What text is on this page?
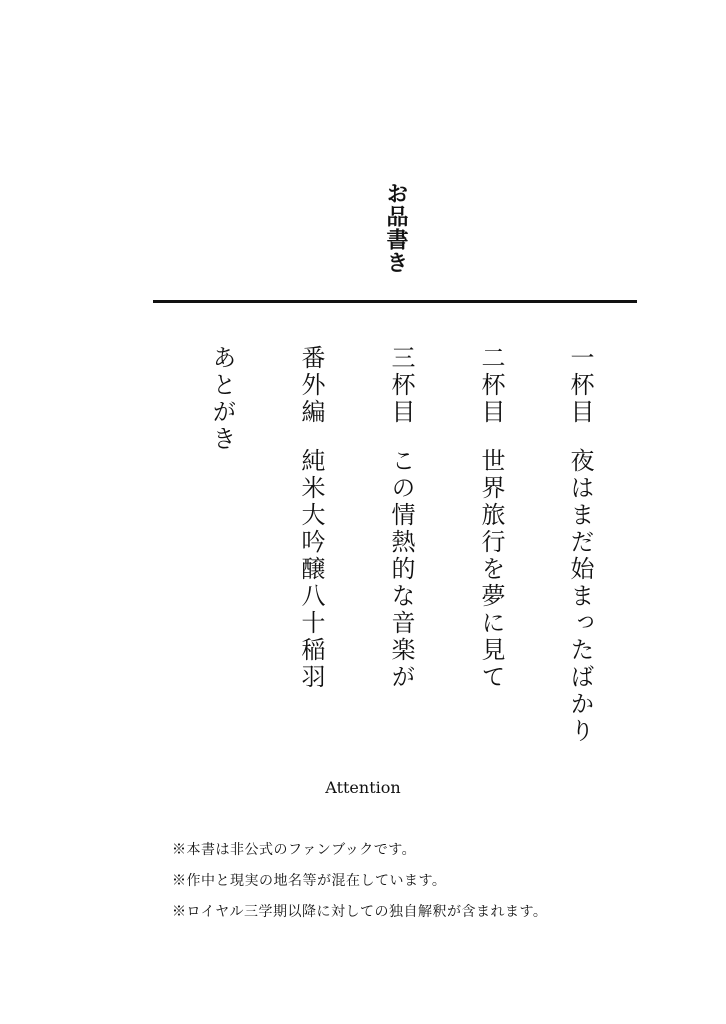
お品書き
一杯目夜はまだ始まったばかり
二杯目世界旅行を夢に見て
三杯目この情熱的な音楽が
番外編純米大吟醸八十稲羽
あとがき
Attention
※本書は非公式のファンブックです。
※作中と現実の地名等が混在しています。
※ロイヤル三学期以降に対しての独自解釈が含まれます。
